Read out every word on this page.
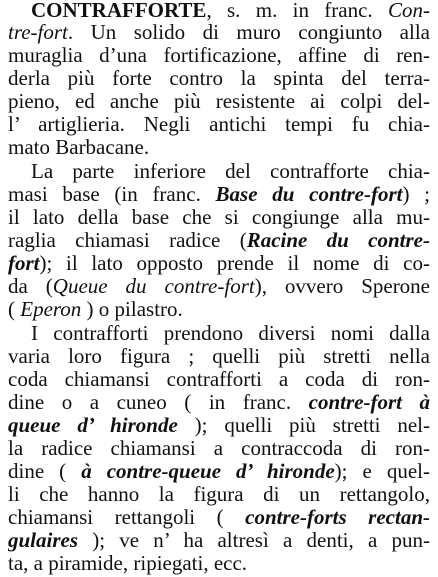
CONTRAFFORTE, s. m. in franc. Con-
tre-fort. Un solido di muro congiunto alla
muraglia d’una fortificazione, affine di ren-
derla più forte contro la spinta del terra-
pieno, ed anche più resistente ai colpi del-
l’ artiglieria. Negli antichi tempi fu chia-
mato Barbacane.
La parte inferiore del contrafforte chia-
masi base (in franc. Base du contre-fort) ;
il lato della base che si congiunge alla mu-
raglia chiamasi radice (Racine du contre-
fort); il lato opposto prende il nome di co-
da (Queue du contre-fort), ovvero Sperone
( Eperon ) o pilastro.
I contrafforti prendono diversi nomi dalla
varia loro figura ; quelli più stretti nella
coda chiamansi contrafforti a coda di ron-
dine o a cuneo ( in franc. contre-fort à
queue d’ hironde ); quelli più stretti nel-
la radice chiamansi a contraccoda di ron-
dine ( à contre-queue d’ hironde); e quel-
li che hanno la figura di un rettangolo,
chiamansi rettangoli ( contre-forts rectan-
gulaires ); ve n’ ha altresì a denti, a pun-
ta, a piramide, ripiegati, ecc.
